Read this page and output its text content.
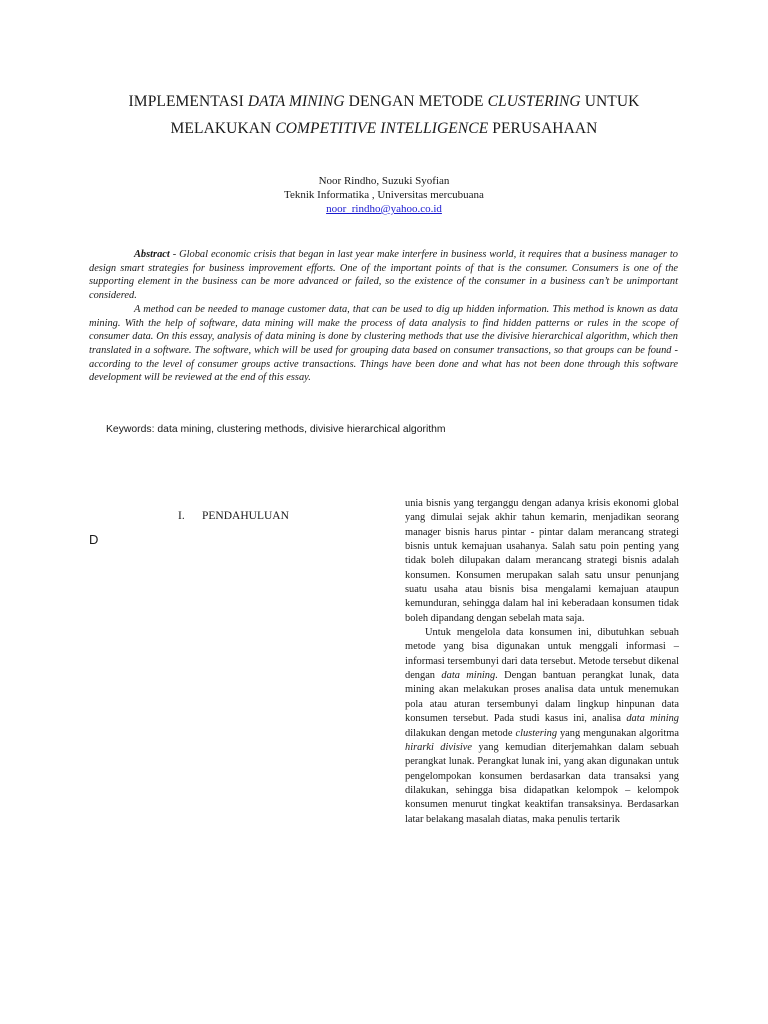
IMPLEMENTASI DATA MINING DENGAN METODE CLUSTERING UNTUK
MELAKUKAN COMPETITIVE INTELLIGENCE PERUSAHAAN
Noor Rindho, Suzuki Syofian
Teknik Informatika , Universitas mercubuana
noor_rindho@yahoo.co.id

Abstract - Global economic crisis that began in last year make interfere in business world, it requires that a business manager to design smart strategies for business improvement efforts. One of the important points of that is the consumer. Consumers is one of the supporting element in the business can be more advanced or failed, so the existence of the consumer in a business can’t be unimportant considered.

A method can be needed to manage customer data, that can be used to dig up hidden information. This method is known as data mining. With the help of software, data mining will make the process of data analysis to find hidden patterns or rules in the scope of consumer data. On this essay, analysis of data mining is done by clustering methods that use the divisive hierarchical algorithm, which then translated in a software. The software, which will be used for grouping data based on consumer transactions, so that groups can be found - according to the level of consumer groups active transactions. Things have been done and what has not been done through this software development will be reviewed at the end of this essay.

Keywords: data mining, clustering methods, divisive hierarchical algorithm
I. PENDAHULUAN
D

unia bisnis yang terganggu dengan adanya krisis ekonomi global yang dimulai sejak akhir tahun kemarin, menjadikan seorang manager bisnis harus pintar - pintar dalam merancang strategi bisnis untuk kemajuan usahanya. Salah satu poin penting yang tidak boleh dilupakan dalam merancang strategi bisnis adalah konsumen. Konsumen merupakan salah satu unsur penunjang suatu usaha atau bisnis bisa mengalami kemajuan ataupun kemunduran, sehingga dalam hal ini keberadaan konsumen tidak boleh dipandang dengan sebelah mata saja.

Untuk mengelola data konsumen ini, dibutuhkan sebuah metode yang bisa digunakan untuk menggali informasi – informasi tersembunyi dari data tersebut. Metode tersebut dikenal dengan data mining. Dengan bantuan perangkat lunak, data mining akan melakukan proses analisa data untuk menemukan pola atau aturan tersembunyi dalam lingkup hinpunan data konsumen tersebut. Pada studi kasus ini, analisa data mining dilakukan dengan metode clustering yang mengunakan algoritma hirarki divisive yang kemudian diterjemahkan dalam sebuah perangkat lunak. Perangkat lunak ini, yang akan digunakan untuk pengelompokan konsumen berdasarkan data transaksi yang dilakukan, sehingga bisa didapatkan kelompok – kelompok konsumen menurut tingkat keaktifan transaksinya. Berdasarkan latar belakang masalah diatas, maka penulis tertarik
